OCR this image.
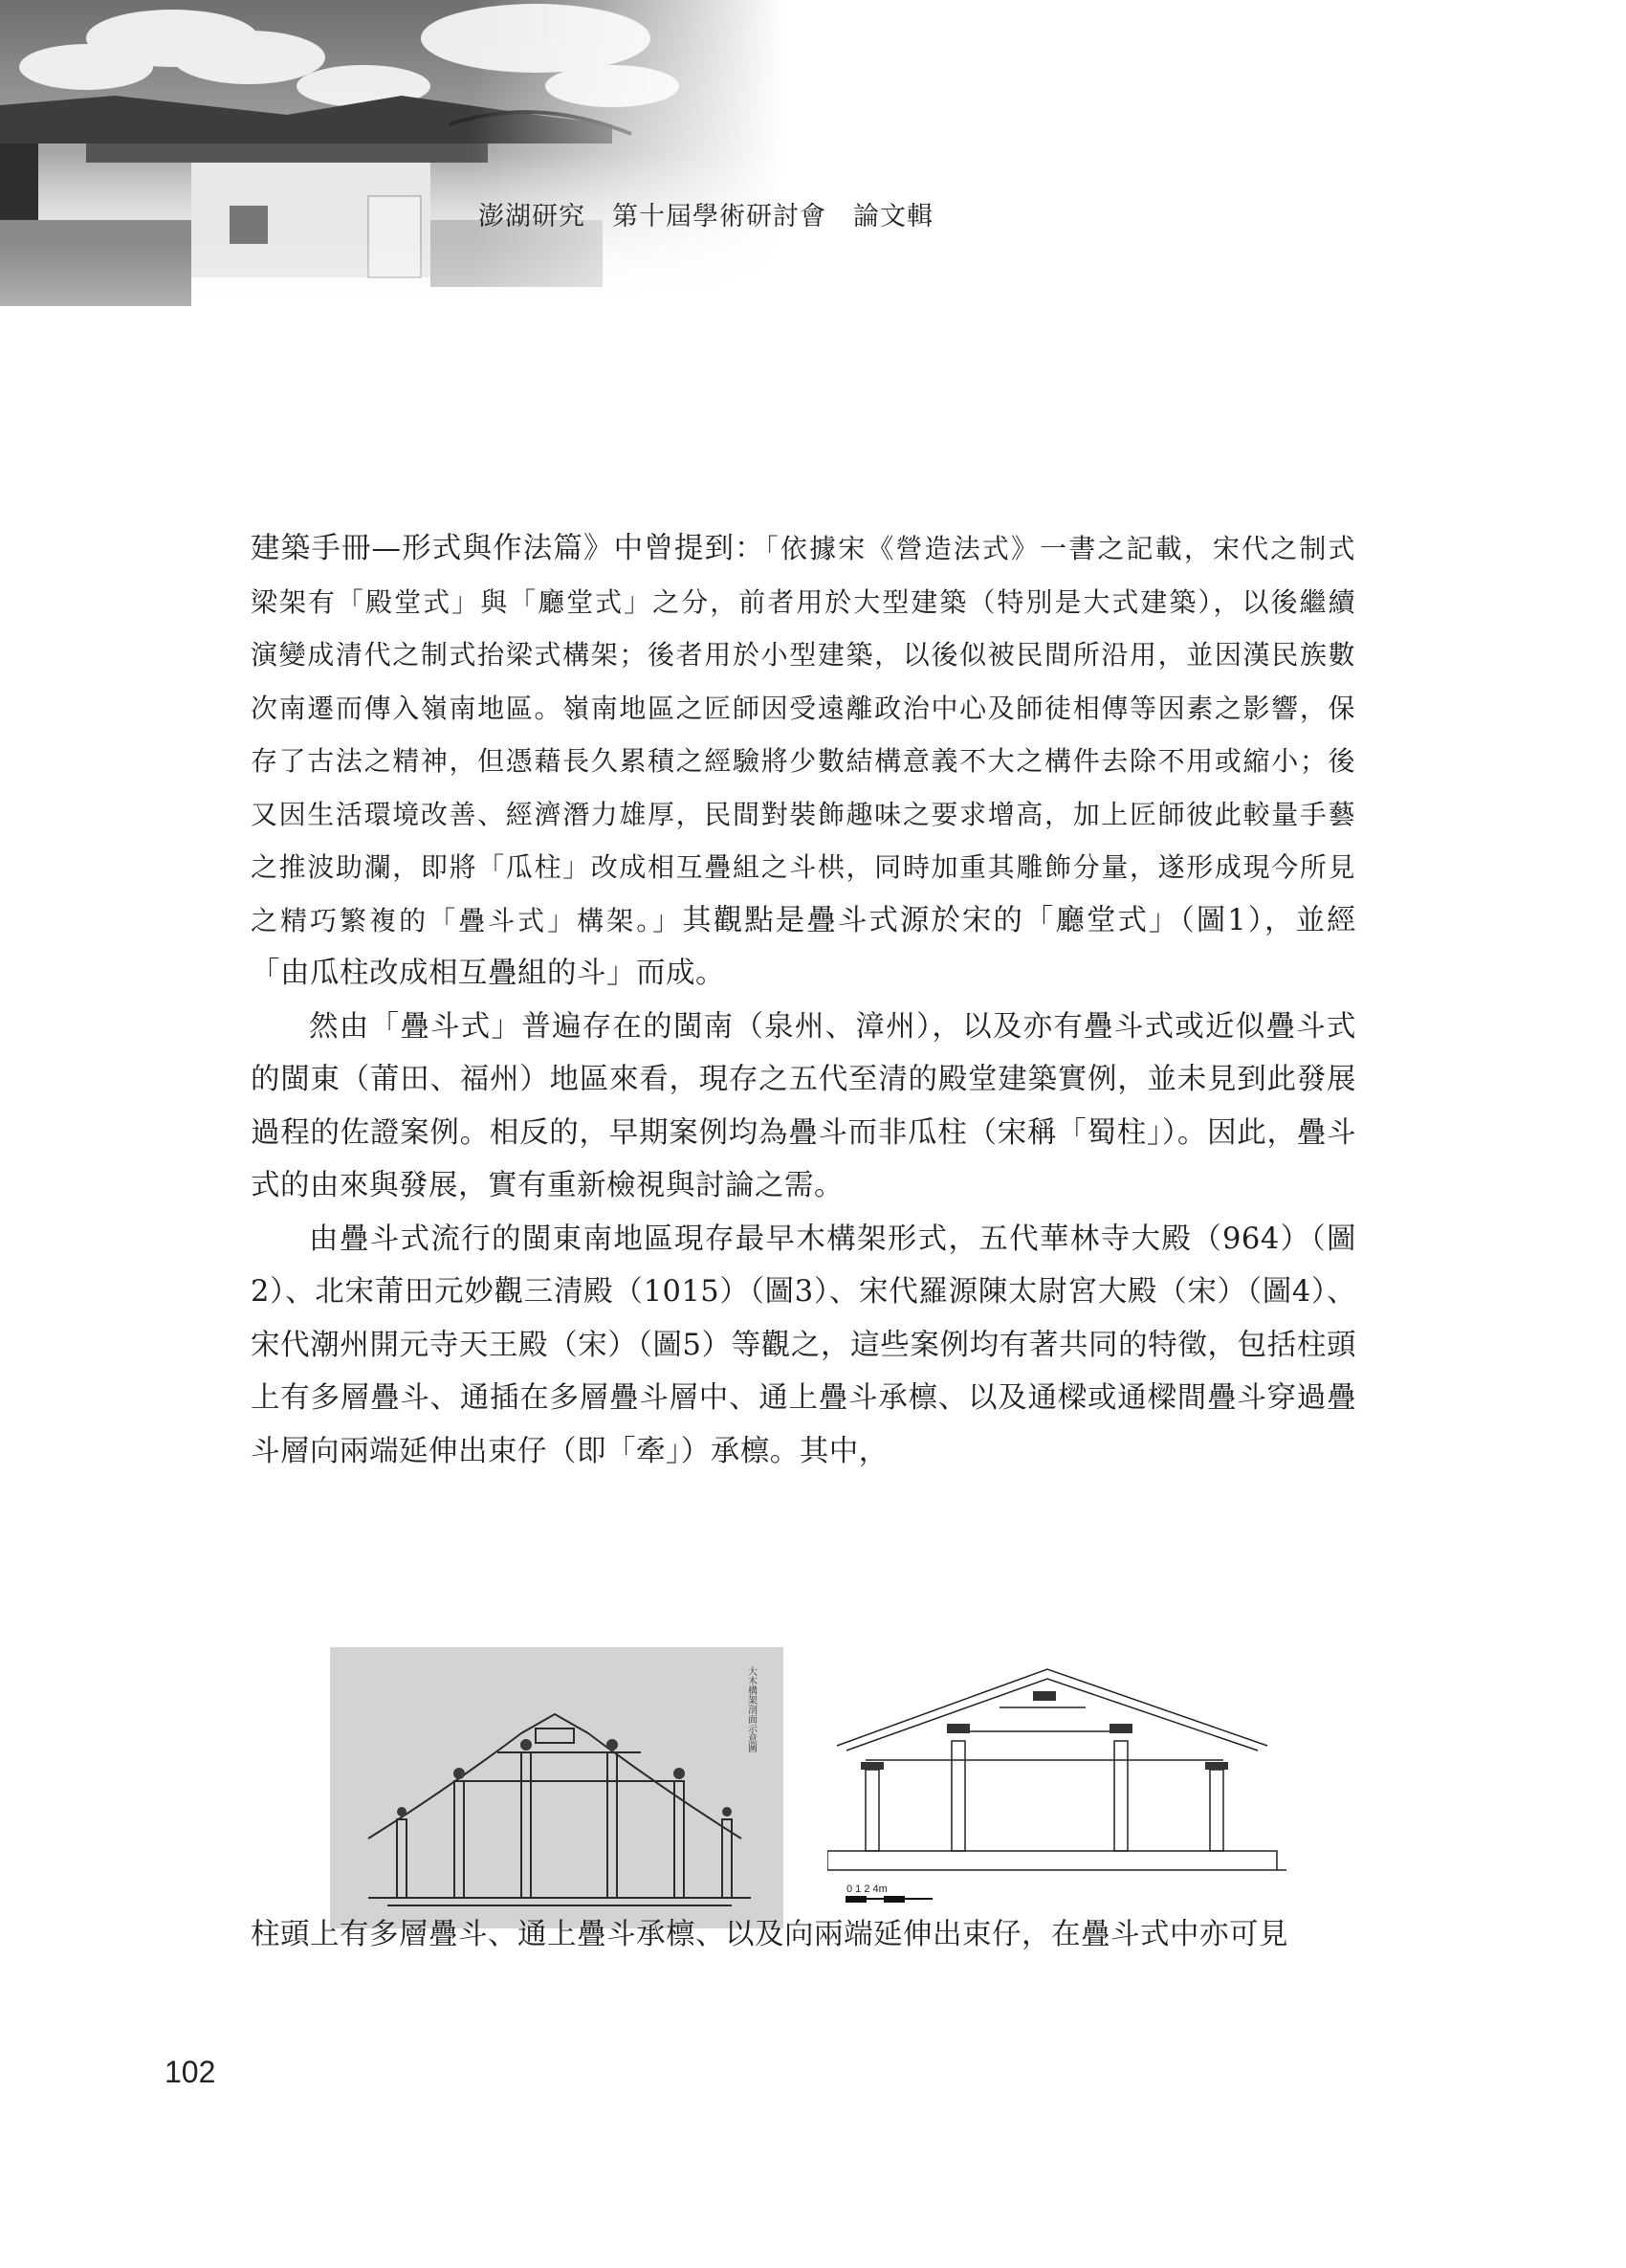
澎湖研究　第十屆學術研討會　論文輯

建築手冊—形式與作法篇》中曾提到：「依據宋《營造法式》一書之記載，宋代之制式梁架有「殿堂式」與「廳堂式」之分，前者用於大型建築（特別是大式建築），以後繼續演變成清代之制式抬梁式構架；後者用於小型建築，以後似被民間所沿用，並因漢民族數次南遷而傳入嶺南地區。嶺南地區之匠師因受遠離政治中心及師徒相傳等因素之影響，保存了古法之精神，但憑藉長久累積之經驗將少數結構意義不大之構件去除不用或縮小；後又因生活環境改善、經濟潛力雄厚，民間對裝飾趣味之要求增高，加上匠師彼此較量手藝之推波助瀾，即將「瓜柱」改成相互疊組之斗栱，同時加重其雕飾分量，遂形成現今所見之精巧繁複的「疊斗式」構架。」其觀點是疊斗式源於宋的「廳堂式」（圖1），並經「由瓜柱改成相互疊組的斗」而成。

然由「疊斗式」普遍存在的閩南（泉州、漳州），以及亦有疊斗式或近似疊斗式的閩東（莆田、福州）地區來看，現存之五代至清的殿堂建築實例，並未見到此發展過程的佐證案例。相反的，早期案例均為疊斗而非瓜柱（宋稱「蜀柱」）。因此，疊斗式的由來與發展，實有重新檢視與討論之需。

由疊斗式流行的閩東南地區現存最早木構架形式，五代華林寺大殿（964）（圖2）、北宋莆田元妙觀三清殿（1015）（圖3）、宋代羅源陳太尉宮大殿（宋）（圖4）、宋代潮州開元寺天王殿（宋）（圖5）等觀之，這些案例均有著共同的特徵，包括柱頭上有多層疊斗、通插在多層疊斗層中、通上疊斗承檩、以及通樑或通樑間疊斗穿過疊斗層向兩端延伸出束仔（即「牽」）承檩。其中，

大木構架剖面示意圖
0 1 2 4m
柱頭上有多層疊斗、通上疊斗承檩、以及向兩端延伸出束仔，在疊斗式中亦可見
102
